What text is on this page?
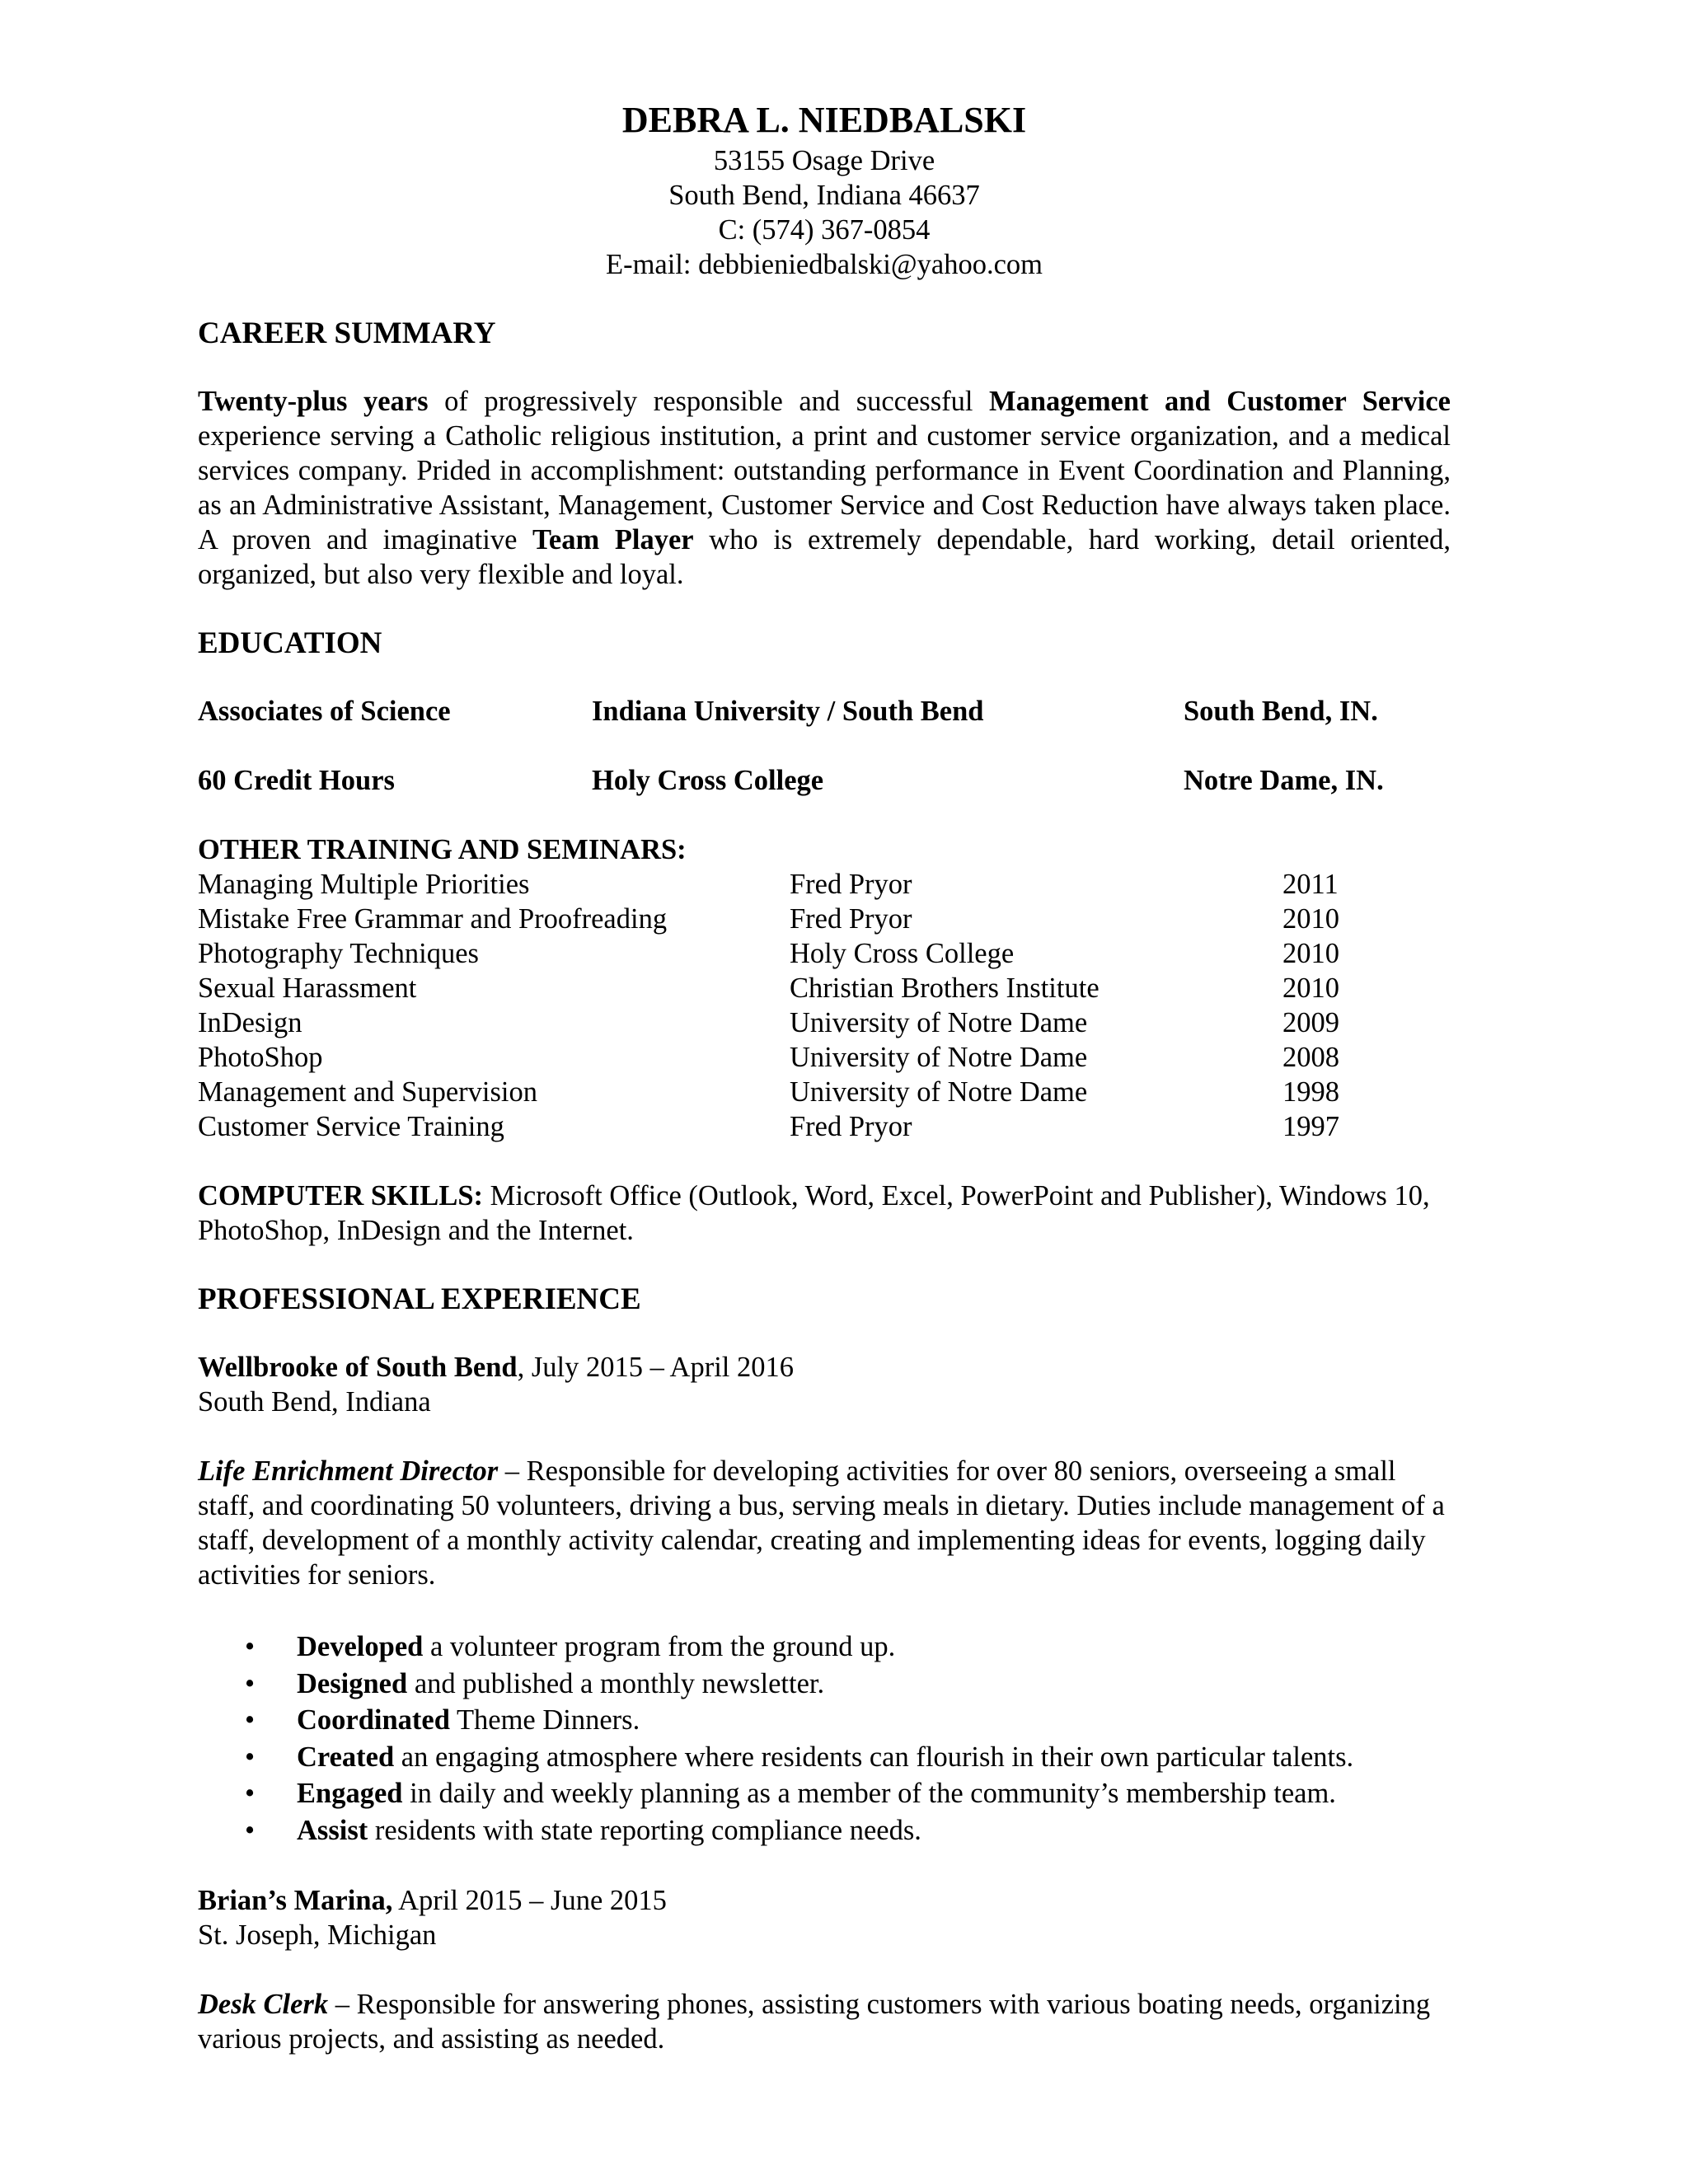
DEBRA L. NIEDBALSKI
53155 Osage Drive
South Bend, Indiana 46637
C: (574) 367-0854
E-mail: debbieniedbalski@yahoo.com
CAREER SUMMARY
Twenty-plus years of progressively responsible and successful Management and Customer Service experience serving a Catholic religious institution, a print and customer service organization, and a medical services company. Prided in accomplishment: outstanding performance in Event Coordination and Planning, as an Administrative Assistant, Management, Customer Service and Cost Reduction have always taken place. A proven and imaginative Team Player who is extremely dependable, hard working, detail oriented, organized, but also very flexible and loyal.
EDUCATION
Associates of Science	Indiana University / South Bend	South Bend, IN.
60 Credit Hours	Holy Cross College	Notre Dame, IN.
OTHER TRAINING AND SEMINARS:
Managing Multiple Priorities	Fred Pryor	2011
Mistake Free Grammar and Proofreading	Fred Pryor	2010
Photography Techniques	Holy Cross College	2010
Sexual Harassment	Christian Brothers Institute	2010
InDesign	University of Notre Dame	2009
PhotoShop	University of Notre Dame	2008
Management and Supervision	University of Notre Dame	1998
Customer Service Training	Fred Pryor	1997
COMPUTER SKILLS: Microsoft Office (Outlook, Word, Excel, PowerPoint and Publisher), Windows 10, PhotoShop, InDesign and the Internet.
PROFESSIONAL EXPERIENCE
Wellbrooke of South Bend, July 2015 – April 2016
South Bend, Indiana
Life Enrichment Director – Responsible for developing activities for over 80 seniors, overseeing a small staff, and coordinating 50 volunteers, driving a bus, serving meals in dietary. Duties include management of a staff, development of a monthly activity calendar, creating and implementing ideas for events, logging daily activities for seniors.
• Developed a volunteer program from the ground up.
• Designed and published a monthly newsletter.
• Coordinated Theme Dinners.
• Created an engaging atmosphere where residents can flourish in their own particular talents.
• Engaged in daily and weekly planning as a member of the community’s membership team.
• Assist residents with state reporting compliance needs.
Brian’s Marina, April 2015 – June 2015
St. Joseph, Michigan
Desk Clerk – Responsible for answering phones, assisting customers with various boating needs, organizing various projects, and assisting as needed.
